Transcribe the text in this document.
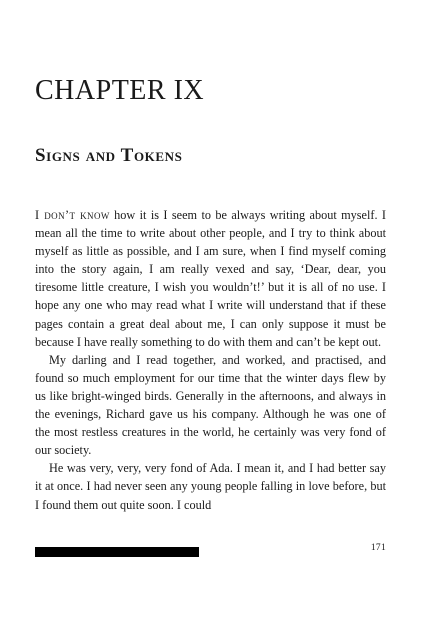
CHAPTER IX
Signs and Tokens

I don’t know how it is I seem to be always writing about myself. I mean all the time to write about other people, and I try to think about myself as little as possible, and I am sure, when I find myself coming into the story again, I am really vexed and say, ‘Dear, dear, you tiresome little creature, I wish you wouldn’t!’ but it is all of no use. I hope any one who may read what I write will understand that if these pages contain a great deal about me, I can only suppose it must be because I have really something to do with them and can’t be kept out.

My darling and I read together, and worked, and practised, and found so much employment for our time that the winter days flew by us like bright-winged birds. Generally in the afternoons, and always in the evenings, Richard gave us his company. Although he was one of the most restless creatures in the world, he certainly was very fond of our society.

He was very, very, very fond of Ada. I mean it, and I had better say it at once. I had never seen any young people falling in love before, but I found them out quite soon. I could

171
